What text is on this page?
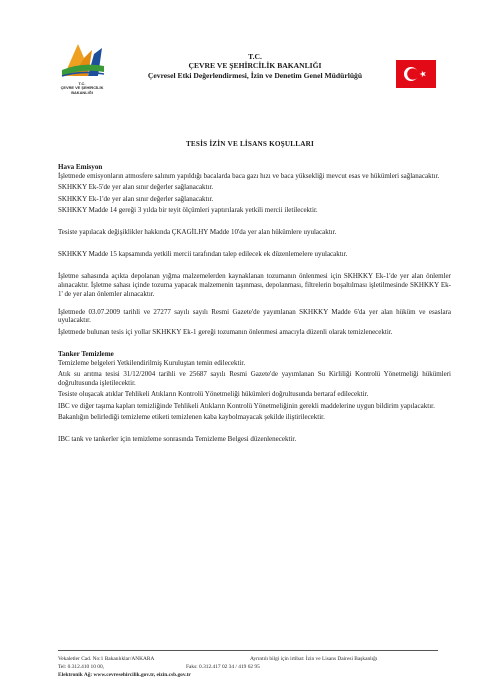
T.C.
ÇEVRE VE ŞEHİRCİLİK
BAKANLIĞI
T.C.
ÇEVRE VE ŞEHİRCİLİK BAKANLIĞI
Çevresel Etki Değerlendirmesi, İzin ve Denetim Genel Müdürlüğü
TESİS İZİN VE LİSANS KOŞULLARI

Hava Emisyon

İşletmede emisyonların atmosfere salınım yapıldığı bacalarda baca gazı hızı ve baca yüksekliği mevcut esas ve hükümleri sağlanacaktır.

SKHKKY Ek-5'de yer alan sınır değerler sağlanacaktır.

SKHKKY Ek-1'de yer alan sınır değerler sağlanacaktır.

SKHKKY Madde 14 gereği 3 yılda bir teyit ölçümleri yaptırılarak yetkili mercii iletilecektir.

Tesiste yapılacak değişiklikler hakkında ÇKAGİLHY Madde 10'da yer alan hükümlere uyulacaktır.

SKHKKY Madde 15 kapsamında yetkili mercii tarafından talep edilecek ek düzenlemelere uyulacaktır.

İşletme sahasında açıkta depolanan yığma malzemelerden kaynaklanan tozumanın önlenmesi için SKHKKY Ek-1'de yer alan önlemler alınacaktır. İşletme sahası içinde tozuma yapacak malzemenin taşınması, depolanması, filtrelerin boşaltılması işletilmesinde SKHKKY Ek-1' de yer alan önlemler alınacaktır.

İşletmede 03.07.2009 tarihli ve 27277 sayılı sayılı Resmi Gazete'de yayımlanan SKHKKY Madde 6'da yer alan hüküm ve esaslara uyulacaktır.

İşletmede bulunan tesis içi yollar SKHKKY Ek-1 gereği tozumanın önlenmesi amacıyla düzenli olarak temizlenecektir.

Tanker Temizleme

Temizleme belgeleri Yetkilendirilmiş Kuruluştan temin edilecektir.

Atık su arıtma tesisi 31/12/2004 tarihli ve 25687 sayılı Resmi Gazete'de yayımlanan Su Kirliliği Kontrolü Yönetmeliği hükümleri doğrultusunda işletilecektir.

Tesiste oluşacak atıklar Tehlikeli Atıkların Kontrolü Yönetmeliği hükümleri doğrultusunda bertaraf edilecektir.

IBC ve diğer taşıma kapları temizliğinde Tehlikeli Atıkların Kontrolü Yönetmeliğinin gerekli maddelerine uygun bildirim yapılacaktır.

Bakanlığın belirlediği temizleme etiketi temizlenen kaba kaybolmayacak şekilde iliştirilecektir.

IBC tank ve tankerler için temizleme sonrasında Temizleme Belgesi düzenlenecektir.

Vekaletler Cad. No:1 Bakanlıklar/ANKARA	Ayrıntılı bilgi için irtibat: İzin ve Lisans Dairesi Başkanlığı
Tel: 0.312.410 10 00,	Faks: 0.312.417 02 34 / 419 62 95
Elektronik Ağ: www.cevresehircilik.gov.tr, eizin.csb.gov.tr
